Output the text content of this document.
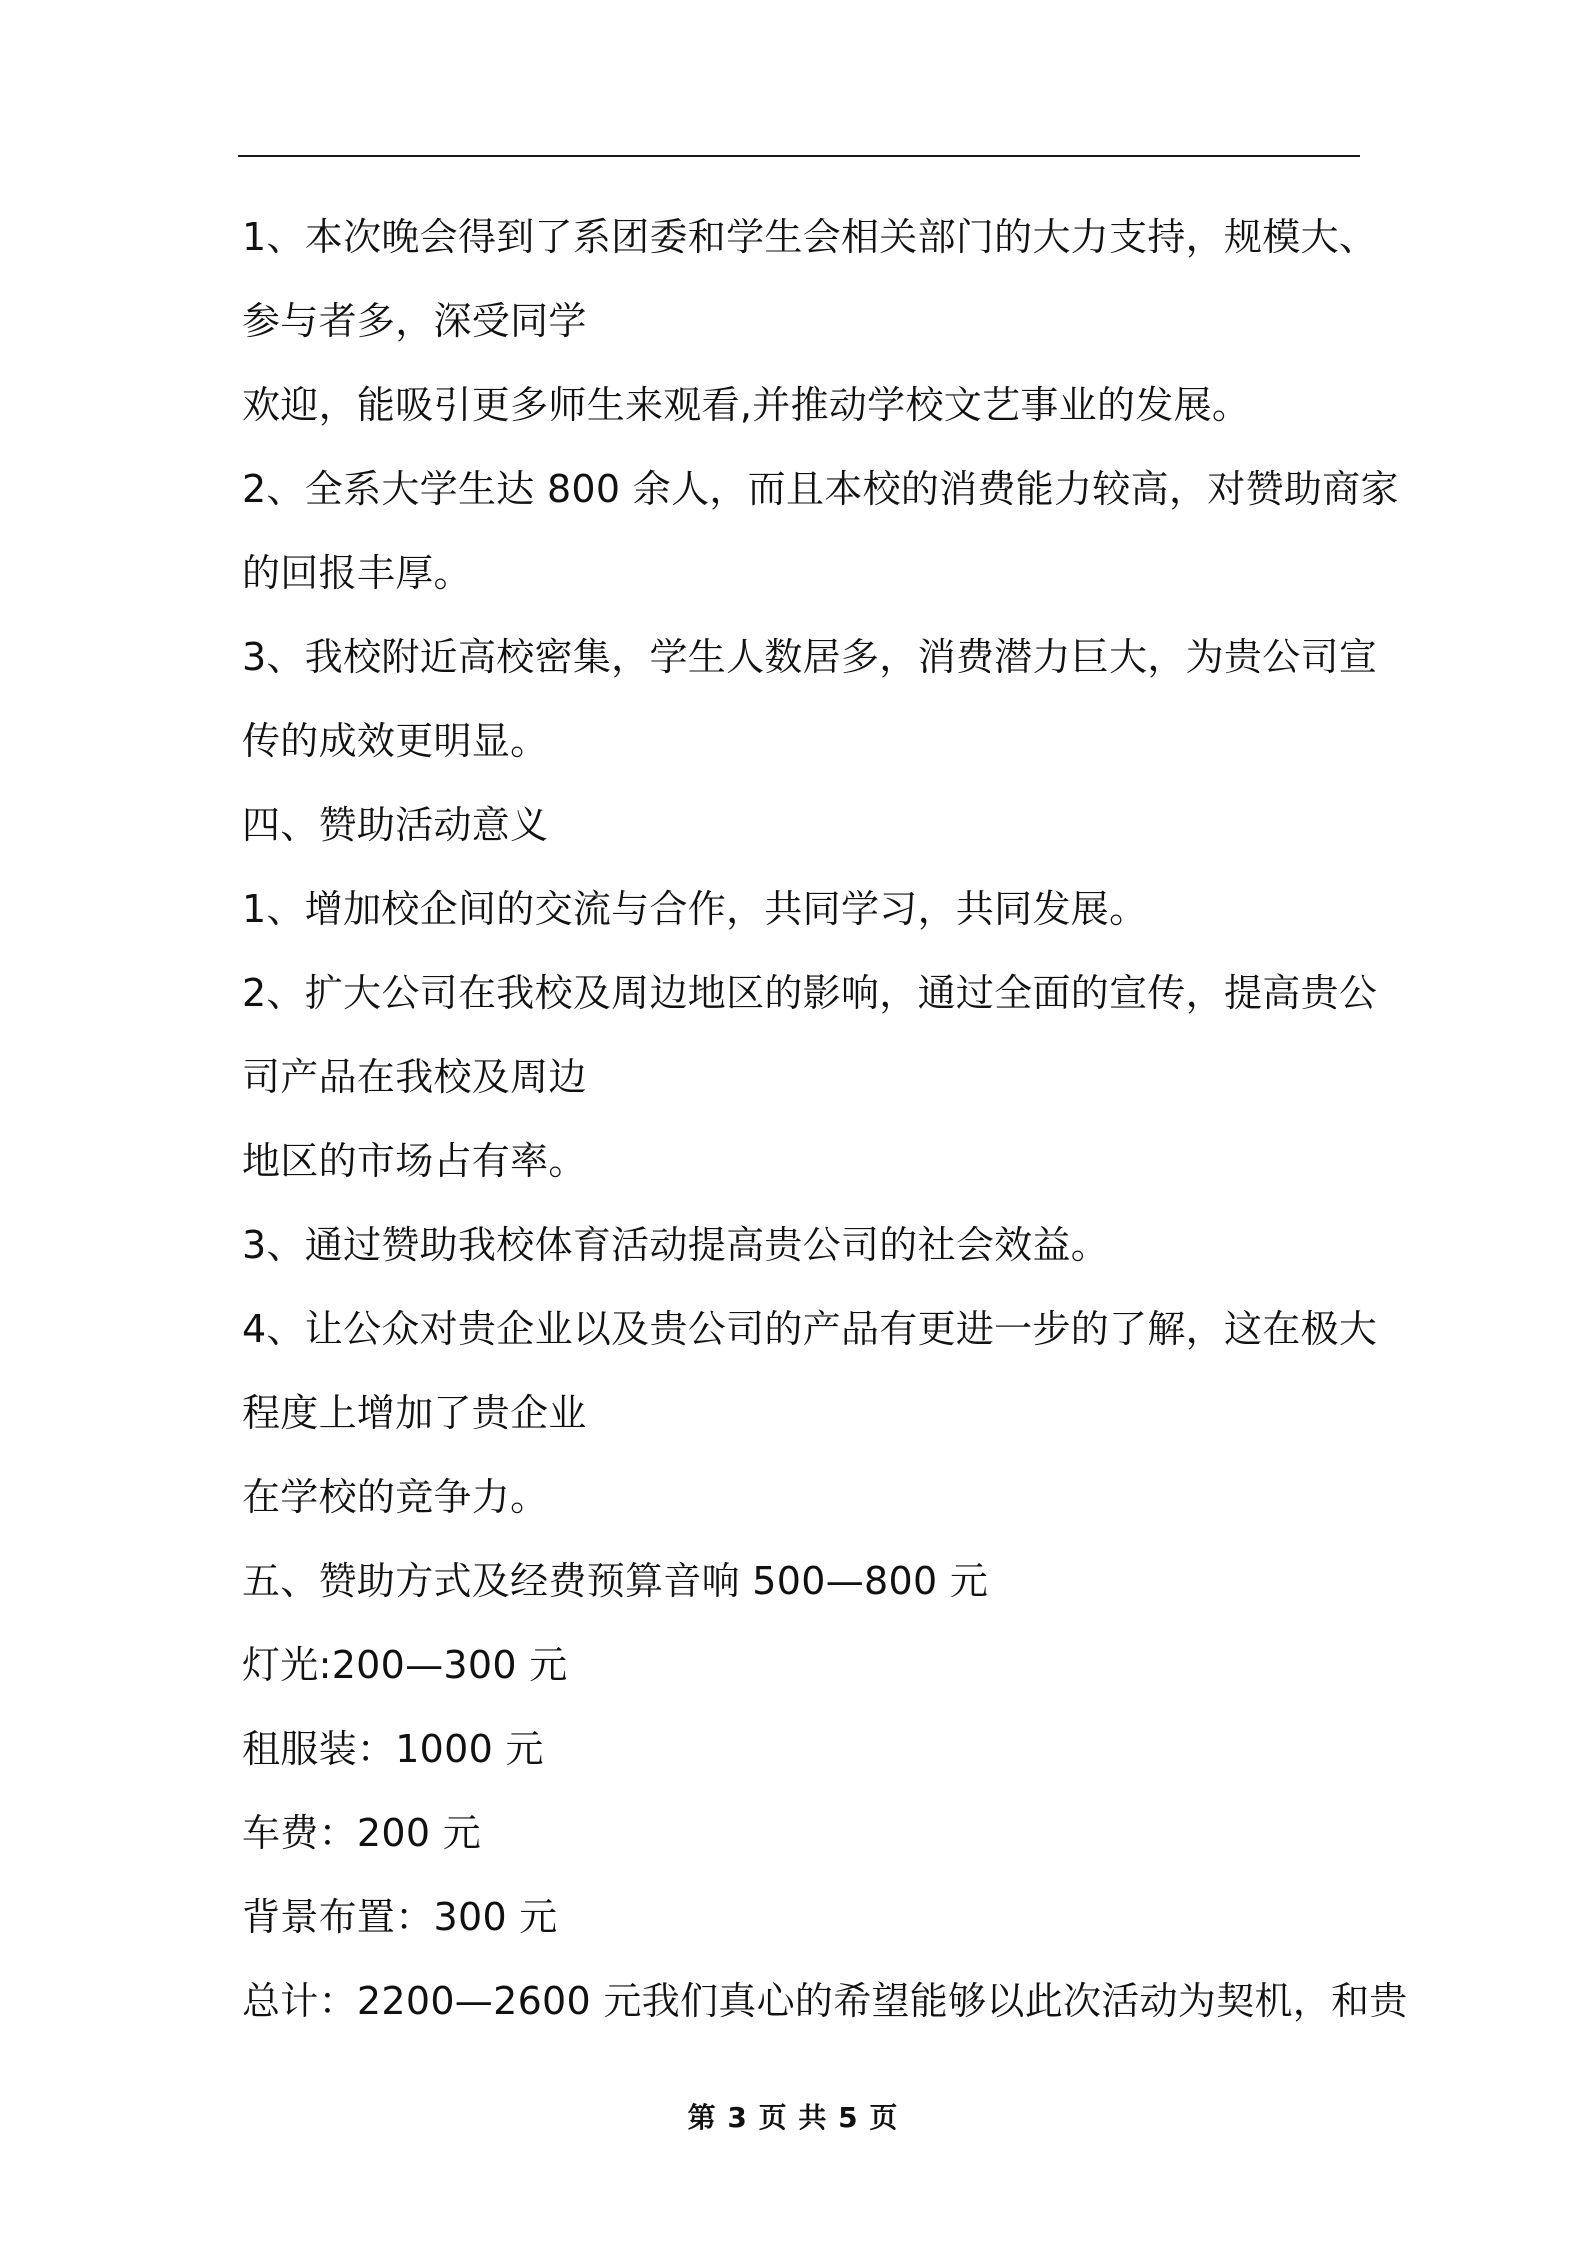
1、本次晚会得到了系团委和学生会相关部门的大力支持，规模大、
参与者多，深受同学
欢迎，能吸引更多师生来观看,并推动学校文艺事业的发展。
2、全系大学生达 800 余人，而且本校的消费能力较高，对赞助商家
的回报丰厚。
3、我校附近高校密集，学生人数居多，消费潜力巨大，为贵公司宣
传的成效更明显。
四、赞助活动意义
1、增加校企间的交流与合作，共同学习，共同发展。
2、扩大公司在我校及周边地区的影响，通过全面的宣传，提高贵公
司产品在我校及周边
地区的市场占有率。
3、通过赞助我校体育活动提高贵公司的社会效益。
4、让公众对贵企业以及贵公司的产品有更进一步的了解，这在极大
程度上增加了贵企业
在学校的竞争力。
五、赞助方式及经费预算音响 500—800 元
灯光:200—300 元
租服装：1000 元
车费：200 元
背景布置：300 元
总计：2200—2600 元我们真心的希望能够以此次活动为契机，和贵
第 3 页 共 5 页
